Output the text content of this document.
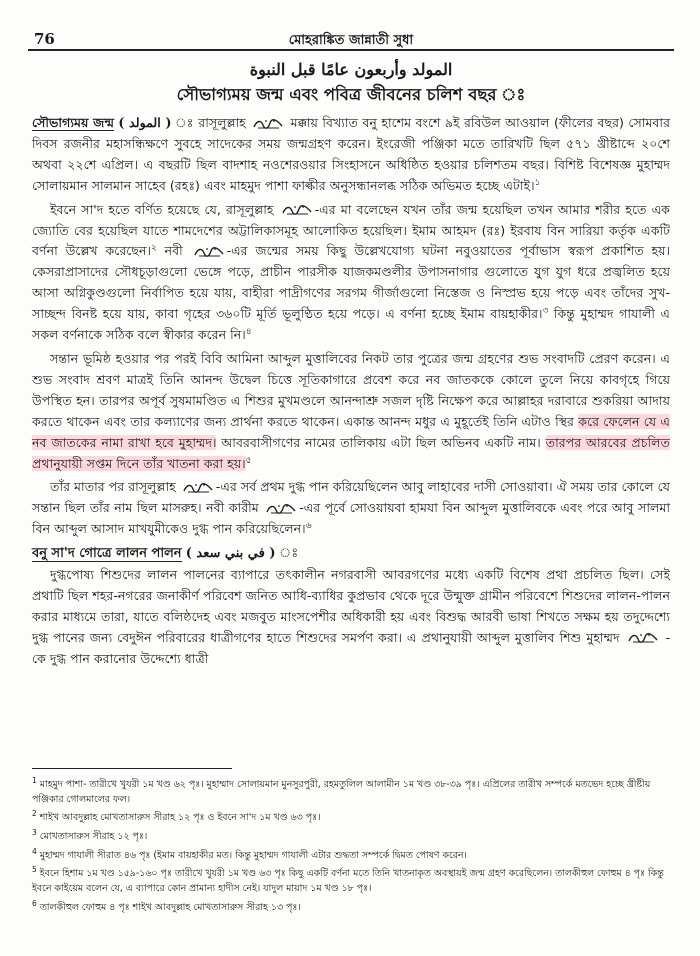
76	মোহরাঙ্কিত জান্নাতী সুধা
المولد وأربعون عامًا قبل النبوة
সৌভাগ্যময় জন্ম এবং পবিত্র জীবনের চলিশ বছর ঃ

সৌভাগ্যময় জন্ম ( المولد ) ঃ রাসূলুল্লাহ	মক্কায় বিখ্যাত বনু হাশেম বংশে ৯ই রবিউল আওয়াল (ফীলের বছর) সোমবার দিবস রজনীর মহাসন্ধিক্ষণে সুবহে সাদেকের সময় জন্মগ্রহণ করেন। ইংরেজী পঞ্জিকা মতে তারিখটি ছিল ৫৭১ খ্রীষ্টাব্দে ২০শে অথবা ২২শে এপ্রিল। এ বছরটি ছিল বাদশাহ নওশেরওয়ার সিংহাসনে অধিষ্ঠিত হওয়ার চলিশতম বছর। বিশিষ্ট বিশেষজ্ঞ মুহাম্মদ সোলায়মান সালমান সাহেব (রহঃ) এবং মাহমুদ পাশা ফাল্কীর অনুসন্ধানলব্ধ সঠিক অভিমত হচ্ছে এটাই।$^১$

ইবনে সা'দ হতে বর্ণিত হয়েছে যে, রাসূলুল্লাহ	-এর মা বলেছেন যখন তাঁর জন্ম হয়েছিল তখন আমার শরীর হতে এক জ্যোতি বের হয়েছিল যাতে শামদেশের অট্টালিকাসমূহ আলোকিত হয়েছিল। ইমাম আহমদ (রঃ) ইরবায বিন সারিয়া কর্তৃক একটি বর্ণনা উল্লেখ করেছেন।$^২$ নবী	-এর জন্মের সময় কিছু উল্লেখযোগ্য ঘটনা নবুওয়াতের পূর্বাভাস স্বরূপ প্রকাশিত হয়। কেসরাপ্রাসাদের সৌধচূড়াগুলো ভেঙ্গে পড়ে, প্রাচীন পারসীক যাজকমণ্ডলীর উপাসনাগার গুলোতে যুগ যুগ ধরে প্রজ্বলিত হয়ে আসা অগ্নিকুণ্ডগুলো নির্বাপিত হয়ে যায়, বাহীরা পাদ্রীগণের সরগম গীর্জাগুলো নিস্তেজ ও নিস্প্রভ হয়ে পড়ে এবং তাঁদের সুখ-সাচ্ছন্দ বিনষ্ট হয়ে যায়, কাবা গৃহের ৩৬০টি মূর্তি ভূলুণ্ঠিত হয়ে পড়ে। এ বর্ণনা হচ্ছে ইমাম বায়হাকীর।$^৩$ কিন্তু মুহাম্মদ গাযালী এ সকল বর্ণনাকে সঠিক বলে স্বীকার করেন নি।$^৪$

সন্তান ভূমিষ্ঠ হওয়ার পর পরই বিবি আমিনা আব্দুল মুত্তালিবের নিকট তার পুত্রের জন্ম গ্রহণের শুভ সংবাদটি প্রেরণ করেন। এ শুভ সংবাদ শ্রবণ মাত্রই তিনি আনন্দ উদ্বেল চিত্তে সূতিকাগারে প্রবেশ করে নব জাতককে কোলে তুলে নিয়ে কাবগৃহে গিয়ে উপস্থিত হন। তারপর অপূর্ব সুষমামণ্ডিত এ শিশুর মুখমণ্ডলে আনন্দাশ্রু সজল দৃষ্টি নিক্ষেপ করে আল্লাহর দরাবারে শুকরিয়া আদায় করতে থাকেন এবং তার কল্যাণের জন্য প্রার্থনা করতে থাকেন। একান্ত আনন্দ মধুর এ মুহূর্তেই তিনি এটাও স্থির করে ফেলেন যে এ নব জাতকের নামা রাখা হবে মুহাম্মদ। আবরবাসীগণের নামের তালিকায় এটা ছিল অভিনব একটি নাম। তারপর আরবের প্রচলিত প্রথানুযায়ী সপ্তম দিনে তাঁর খাতনা করা হয়।$^৫$

তাঁর মাতার পর রাসূলুল্লাহ	-এর সর্ব প্রথম দুগ্ধ পান করিয়েছিলেন আবু লাহাবের দাসী সোওয়াবা। ঐ সময় তার কোলে যে সন্তান ছিল তাঁর নাম ছিল মাসরুহ। নবী কারীম	-এর পূর্বে সোওয়ায়বা হামযা বিন আব্দুল মুত্তালিবকে এবং পরে আবু সালমা বিন আব্দুল আসাদ মাখযুমীকেও দুগ্ধ পান করিয়েছিলেন।$^৬$

বনু সা'দ গোত্রে লালন পালন ( في بني سعد ) ঃ

দুগ্ধপোষ্য শিশুদের লালন পালনের ব্যাপারে তৎকালীন নগরবাসী আবরগণের মধ্যে একটি বিশেষ প্রথা প্রচলিত ছিল। সেই প্রথাটি ছিল শহর-নগরের জনাকীর্ণ পরিবেশ জনিত আধি-ব্যাধির কুপ্রভাব থেকে দূরে উন্মুক্ত গ্রামীন পরিবেশে শিশুদের লালন-পালন করার মাধ্যমে তারা, যাতে বলিষ্ঠদেহ এবং মজবুত মাংসপেশীর অধিকারী হয় এবং বিশুদ্ধ আরবী ভাষা শিখতে সক্ষম হয় তদুদ্দেশ্যে দুগ্ধ পানের জন্য বেদুঈন পরিবারের ধাত্রীগণের হাতে শিশুদের সমর্পণ করা। এ প্রথানুযায়ী আব্দুল মুত্তালিব শিশু মুহাম্মদ	- কে দুগ্ধ পান করানোর উদ্দেশ্যে ধাত্রী

$^1$ মাহমুদ পাশা- তারীখে খুযরী ১ম খণ্ড ৬২ পৃঃ। মুহাম্মাদ সোলায়মান মুনসুরপুরী, রহমতুলিল আলামীন ১ম খণ্ড ৩৮-৩৯ পৃঃ। এপ্রিলের তারীখ সম্পর্কে মতভেদ হচ্ছে খ্রীষ্টীয় পঞ্জিকার গোলমালের ফল।

$^2$ শাইখ আবদুল্লাহ মোখতাসারুস সীরাহ ১২ পৃঃ ও ইবনে সা'দ ১ম খণ্ড ৬৩ পৃঃ।

$^3$ মোখতাসারুস সীরাহ ১২ পৃঃ।

$^4$ মুহাম্মদ গাযালী সীরাত ৪৬ পৃঃ (ইমাম বায়হাকীর মত। কিন্তু মুহাম্মদ গাযালী এটার শুদ্ধতা সম্পর্কে দ্বিমত পোষণ করেন।

$^5$ ইবনে হিশাম ১ম খণ্ড ১৫৯-১৬০ পৃঃ তারীখে খুযরী ১ম খণ্ড ৬৩ পৃঃ কিছু একটি বর্ণনা মতে তিনি খাতনাকৃত অবস্থায়ই জন্ম গ্রহণ করেছিলেন। তালকীহুল ফোহুম ৪ পৃঃ কিন্তু ইবনে কাইয়েম বলেন যে, এ ব্যাপারে কোন প্রামান্য হাদীস নেই। যাদুল মায়াদ ১ম খণ্ড ১৮ পৃঃ।

$^6$ তালকীহুল ফোহুম ৪ পৃঃ শাইখ আবদুল্লাহ মোখতাসারুস সীরাহ ১৩ পৃঃ।
